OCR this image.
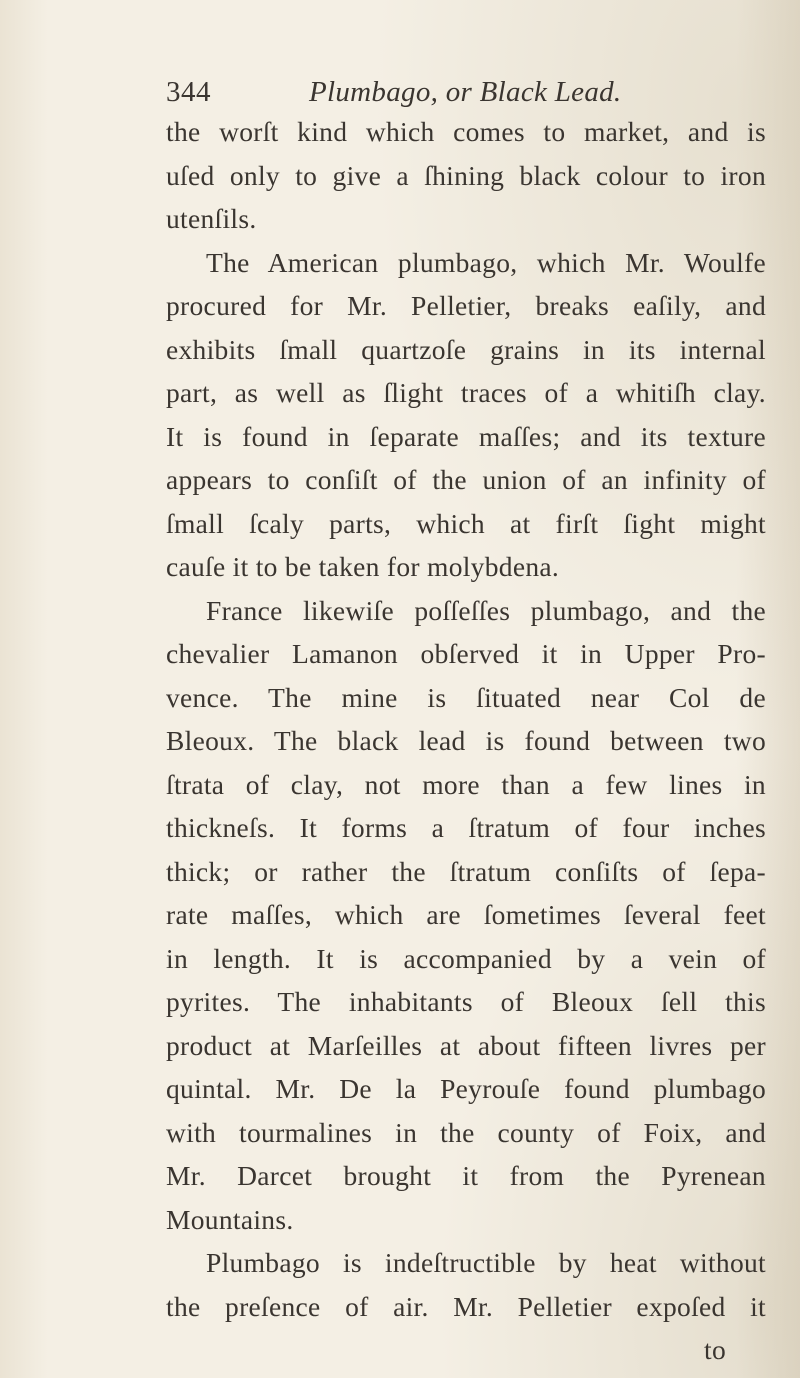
344	Plumbago, or Black Lead.
the worſt kind which comes to market, and is
uſed only to give a ſhining black colour to iron
utenſils.
The American plumbago, which Mr. Woulfe
procured for Mr. Pelletier, breaks eaſily, and
exhibits ſmall quartzoſe grains in its internal
part, as well as ſlight traces of a whitiſh clay.
It is found in ſeparate maſſes; and its texture
appears to conſiſt of the union of an infinity of
ſmall ſcaly parts, which at firſt ſight might
cauſe it to be taken for molybdena.
France likewiſe poſſeſſes plumbago, and the
chevalier Lamanon obſerved it in Upper Pro-
vence. The mine is ſituated near Col de
Bleoux. The black lead is found between two
ſtrata of clay, not more than a few lines in
thickneſs. It forms a ſtratum of four inches
thick; or rather the ſtratum conſiſts of ſepa-
rate maſſes, which are ſometimes ſeveral feet
in length. It is accompanied by a vein of
pyrites. The inhabitants of Bleoux ſell this
product at Marſeilles at about fifteen livres per
quintal. Mr. De la Peyrouſe found plumbago
with tourmalines in the county of Foix, and
Mr. Darcet brought it from the Pyrenean
Mountains.
Plumbago is indeſtructible by heat without
the preſence of air. Mr. Pelletier expoſed it
to
